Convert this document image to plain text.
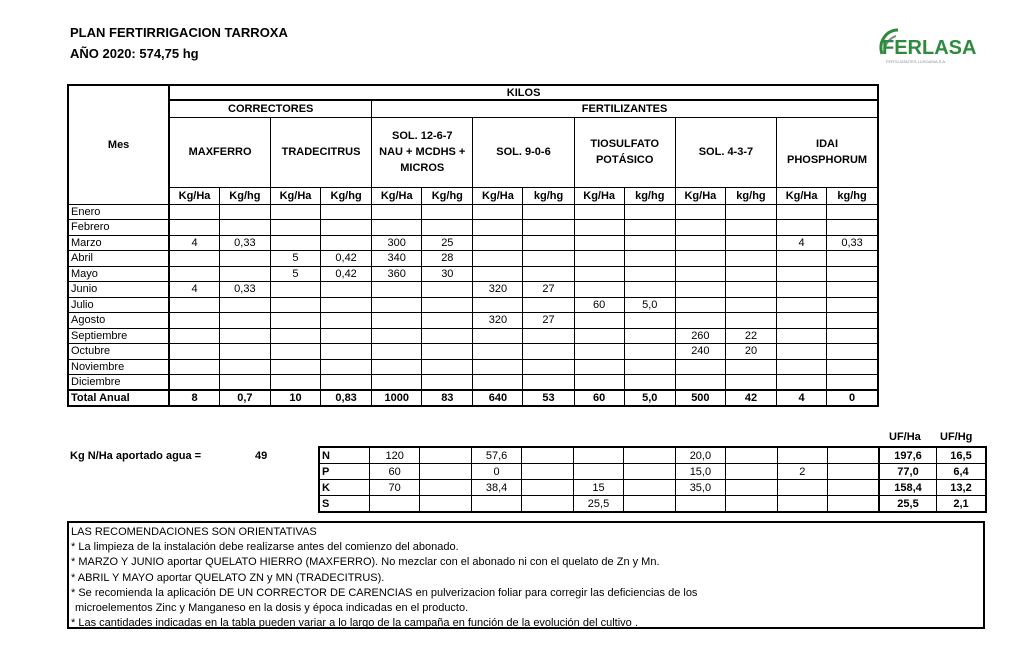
PLAN FERTIRRIGACION TARROXA
AÑO 2020: 574,75 hg	FERLASA
FERTILIZANTES LUSOASIA S.A.
Mes	KILOS													
	CORRECTORES				FERTILIZANTES									
	MAXFERRO		TRADECITRUS		SOL. 12-6-7
NAU + MCDHS +
MICROS		SOL. 9-0-6		TIOSULFATO
POTÁSICO		SOL. 4-3-7		IDAI
PHOSPHORUM	
	Kg/Ha	Kg/hg	Kg/Ha	Kg/hg	Kg/Ha	Kg/hg	Kg/Ha	kg/hg	Kg/Ha	kg/hg	Kg/Ha	kg/hg	Kg/Ha	kg/hg
Enero														
Febrero														
Marzo	4	0,33			300	25							4	0,33
Abril			5	0,42	340	28								
Mayo			5	0,42	360	30								
Junio	4	0,33					320	27						
Julio									60	5,0				
Agosto							320	27						
Septiembre											260	22		
Octubre											240	20		
Noviembre														
Diciembre														
Total Anual	8	0,7	10	0,83	1000	83	640	53	60	5,0	500	42	4	0
Kg N/Ha aportado agua =	49
UF/Ha UF/Hg
N	120		57,6				20,0				197,6	16,5
P	60		0				15,0		2		77,0	6,4
K	70		38,4		15		35,0				158,4	13,2
S					25,5						25,5	2,1
LAS RECOMENDACIONES SON ORIENTATIVAS
* La limpieza de la instalación debe realizarse antes del comienzo del abonado.
* MARZO Y JUNIO aportar QUELATO HIERRO (MAXFERRO). No mezclar con el abonado ni con el quelato de Zn y Mn.
* ABRIL Y MAYO aportar QUELATO ZN y MN (TRADECITRUS).
* Se recomienda la aplicación DE UN CORRECTOR DE CARENCIAS en pulverizacion foliar para corregir las deficiencias de los
microelementos Zinc y Manganeso en la dosis y época indicadas en el producto.
* Las cantidades indicadas en la tabla pueden variar a lo largo de la campaña en función de la evolución del cultivo .
